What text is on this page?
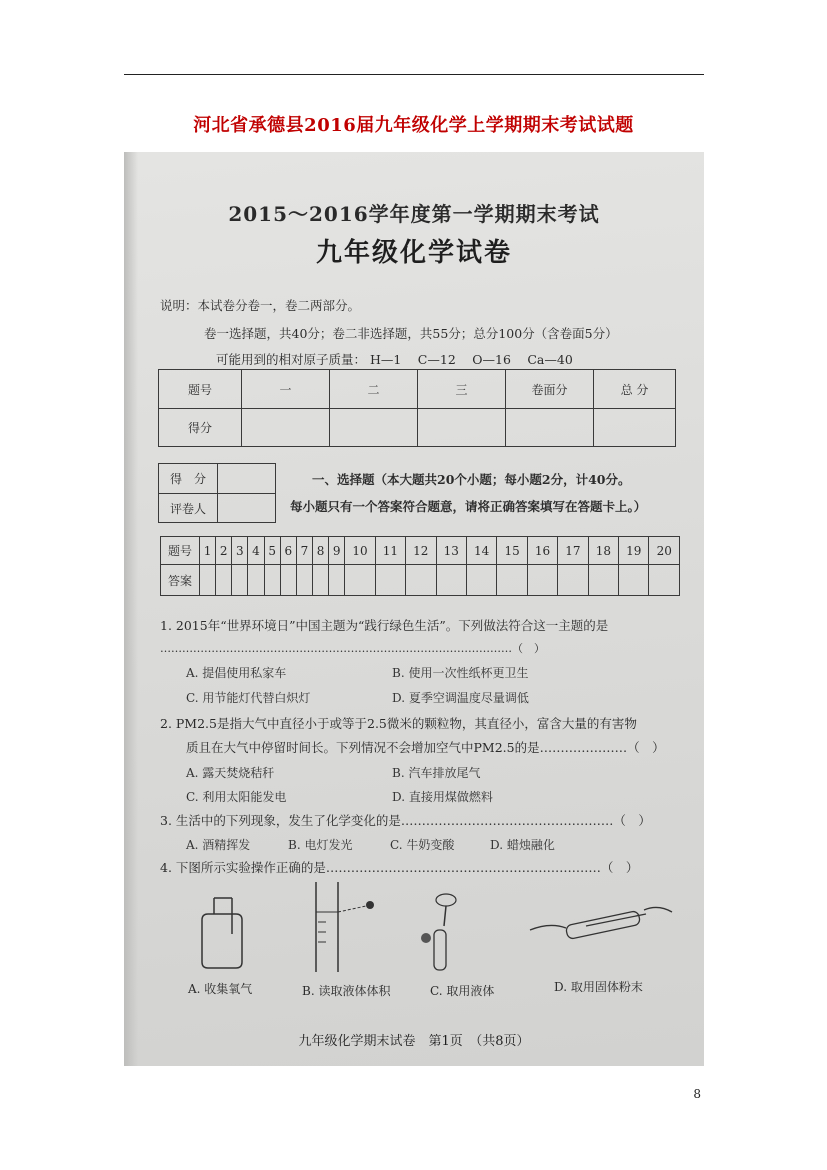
河北省承德县2016届九年级化学上学期期末考试试题
2015～2016学年度第一学期期末考试
九年级化学试卷
说明：本试卷分卷一，卷二两部分。
卷一选择题，共40分；卷二非选择题，共55分；总分100分（含卷面5分）
可能用到的相对原子质量： H—1　 C—12　 O—16　 Ca—40
题号	一	二	三	卷面分	总 分
得分					
得　分	
评卷人	
一、选择题（本大题共20个小题；每小题2分，计40分。
每小题只有一个答案符合题意，请将正确答案填写在答题卡上。）
题号	1	2	3	4	5	6	7	8	9	10	11	12	13	14	15	16	17	18	19	20
答案																				
1. 2015年“世界环境日”中国主题为“践行绿色生活”。下列做法符合这一主题的是
……………………………………………………………………………………（　）
A. 提倡使用私家车	B. 使用一次性纸杯更卫生
C. 用节能灯代替白炽灯	D. 夏季空调温度尽量调低
2. PM2.5是指大气中直径小于或等于2.5微米的颗粒物，其直径小，富含大量的有害物
质且在大气中停留时间长。下列情况不会增加空气中PM2.5的是…………………（　）
A. 露天焚烧秸秆	B. 汽车排放尾气
C. 利用太阳能发电	D. 直接用煤做燃料
3. 生活中的下列现象，发生了化学变化的是……………………………………………（　）
A. 酒精挥发	B. 电灯发光	C. 牛奶变酸	D. 蜡烛融化
4. 下图所示实验操作正确的是…………………………………………………………（　）
A. 收集氧气	B. 读取液体体积	C. 取用液体	D. 取用固体粉末
九年级化学期末试卷　第1页　（共8页）
8
